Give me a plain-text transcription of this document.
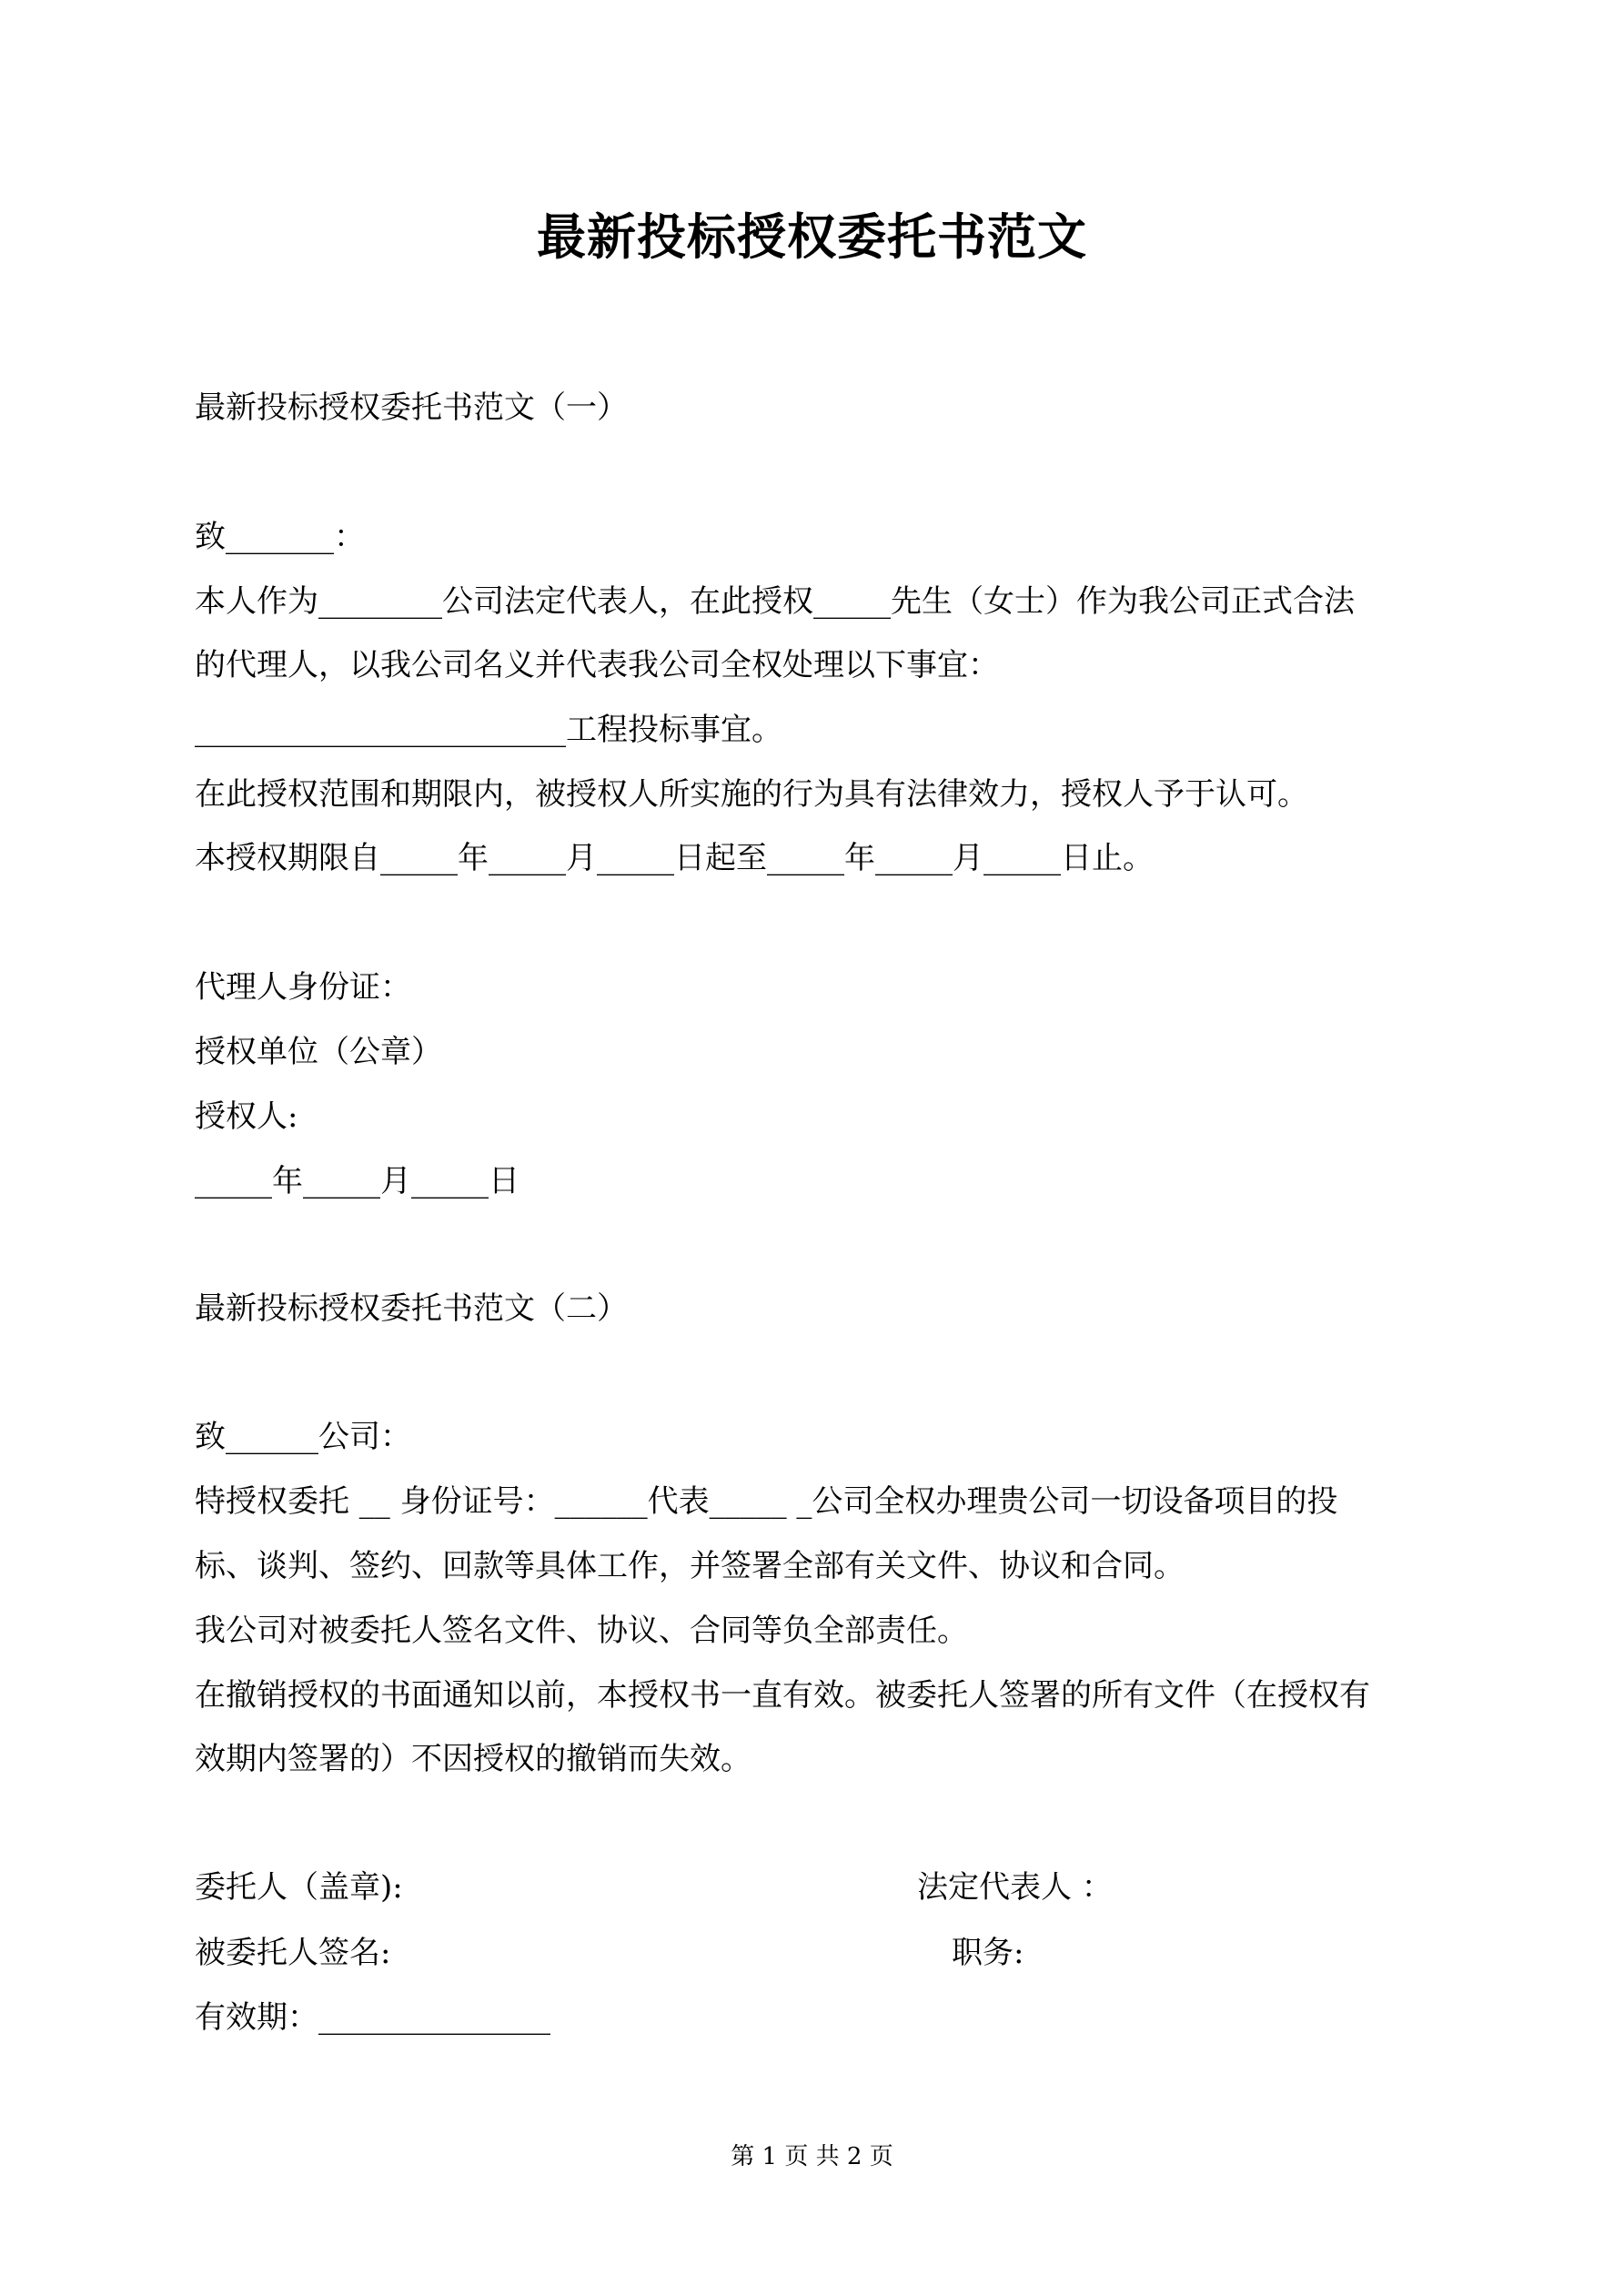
最新投标授权委托书范文
最新投标授权委托书范文（一）
致_______：
本人作为________公司法定代表人，在此授权_____先生（女士）作为我公司正式合法
的代理人，以我公司名义并代表我公司全权处理以下事宜：
________________________工程投标事宜。
在此授权范围和期限内，被授权人所实施的行为具有法律效力，授权人予于认可。
本授权期限自_____年_____月_____日起至_____年_____月_____日止。
代理人身份证：
授权单位（公章）
授权人:
_____年_____月_____日
最新投标授权委托书范文（二）
致______公司：
特授权委托 __ 身份证号：______代表_____ _公司全权办理贵公司一切设备项目的投
标、谈判、签约、回款等具体工作，并签署全部有关文件、协议和合同。
我公司对被委托人签名文件、协议、合同等负全部责任。
在撤销授权的书面通知以前，本授权书一直有效。被委托人签署的所有文件（在授权有
效期内签署的）不因授权的撤销而失效。
委托人（盖章):	法定代表人 ：
被委托人签名:	职务:
有效期：_______________
第 1 页 共 2 页
